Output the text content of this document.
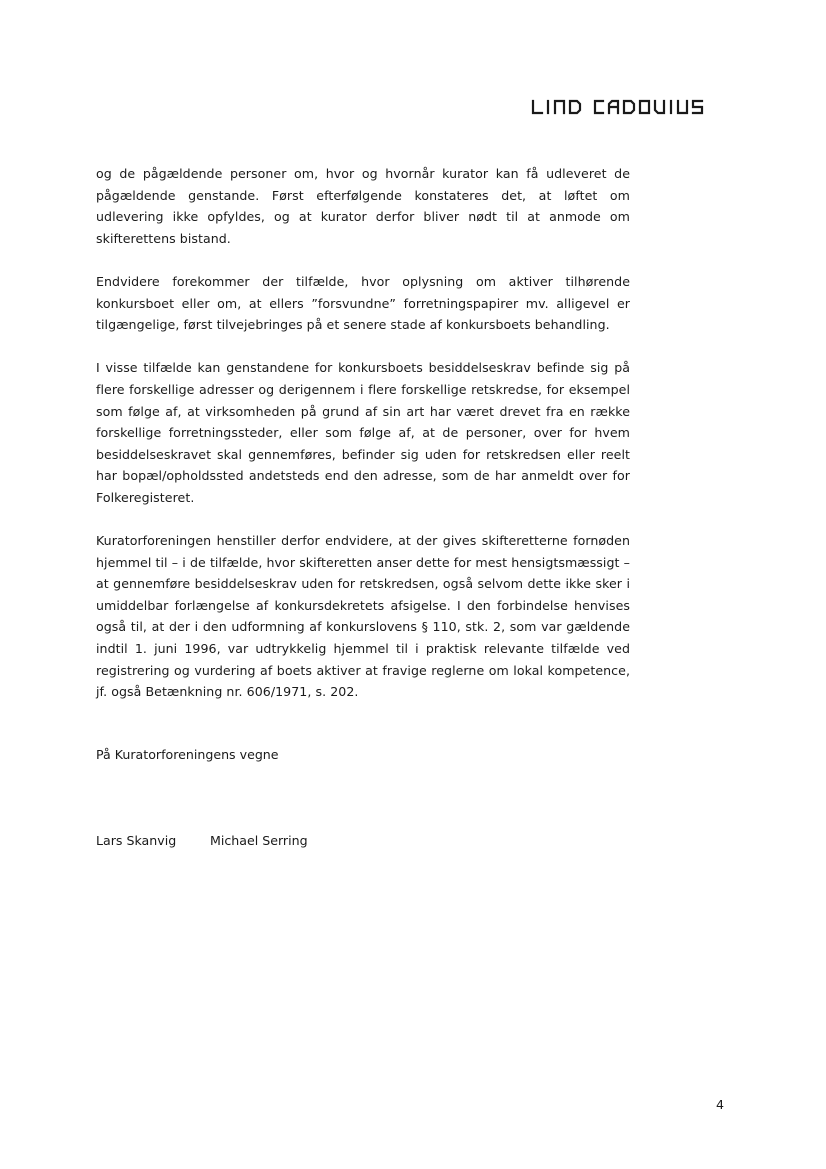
og de pågældende personer om, hvor og hvornår kurator kan få udleveret de pågældende genstande. Først efterfølgende konstateres det, at løftet om udlevering ikke opfyldes, og at kurator derfor bliver nødt til at anmode om skifterettens bistand.

Endvidere forekommer der tilfælde, hvor oplysning om aktiver tilhørende konkursboet eller om, at ellers ”forsvundne” forretningspapirer mv. alligevel er tilgængelige, først tilvejebringes på et senere stade af konkursboets behandling.

I visse tilfælde kan genstandene for konkursboets besiddelseskrav befinde sig på flere forskellige adresser og derigennem i flere forskellige retskredse, for eksempel som følge af, at virksomheden på grund af sin art har været drevet fra en række forskellige forretningssteder, eller som følge af, at de personer, over for hvem besiddelseskravet skal gennemføres, befinder sig uden for retskredsen eller reelt har bopæl/opholdssted andetsteds end den adresse, som de har anmeldt over for Folkeregisteret.

Kuratorforeningen henstiller derfor endvidere, at der gives skifteretterne fornøden hjemmel til – i de tilfælde, hvor skifteretten anser dette for mest hensigtsmæssigt – at gennemføre besiddelseskrav uden for retskredsen, også selvom dette ikke sker i umiddelbar forlængelse af konkursdekretets afsigelse. I den forbindelse henvises også til, at der i den udformning af konkurslovens § 110, stk. 2, som var gældende indtil 1. juni 1996, var udtrykkelig hjemmel til i praktisk relevante tilfælde ved registrering og vurdering af boets aktiver at fravige reglerne om lokal kompetence, jf. også Betænkning nr. 606/1971, s. 202.

På Kuratorforeningens vegne
Lars Skanvig	Michael Serring
4
